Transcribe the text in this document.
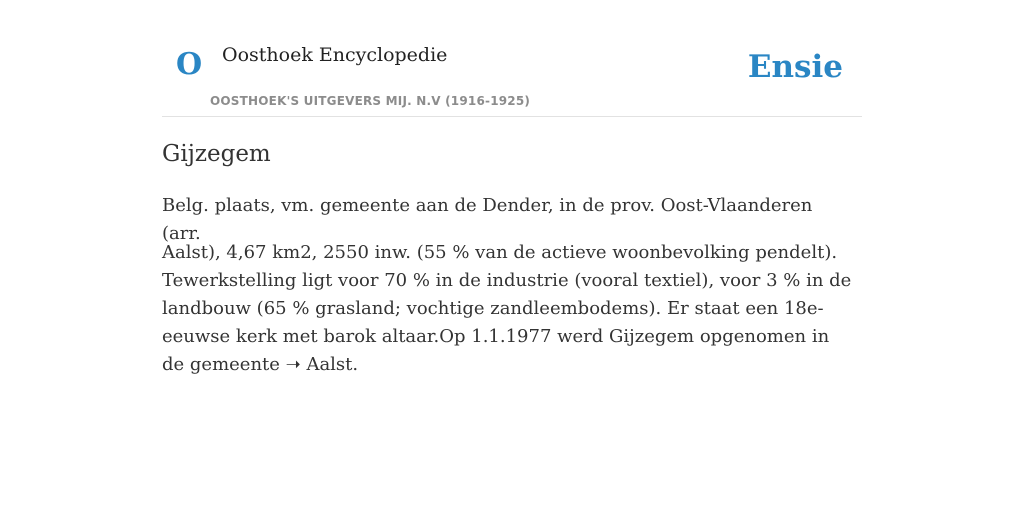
O Oosthoek Encyclopedie
OOSTHOEK'S UITGEVERS MIJ. N.V (1916-1925)
Ensie
Gijzegem

Belg. plaats, vm. gemeente aan de Dender, in de prov. Oost-Vlaanderen (arr.

Aalst), 4,67 km2, 2550 inw. (55 % van de actieve woonbevolking pendelt). Tewerkstelling ligt voor 70 % in de industrie (vooral textiel), voor 3 % in de landbouw (65 % grasland; vochtige zandleembodems). Er staat een 18e-eeuwse kerk met barok altaar.Op 1.1.1977 werd Gijzegem opgenomen in de gemeente ➝ Aalst.
